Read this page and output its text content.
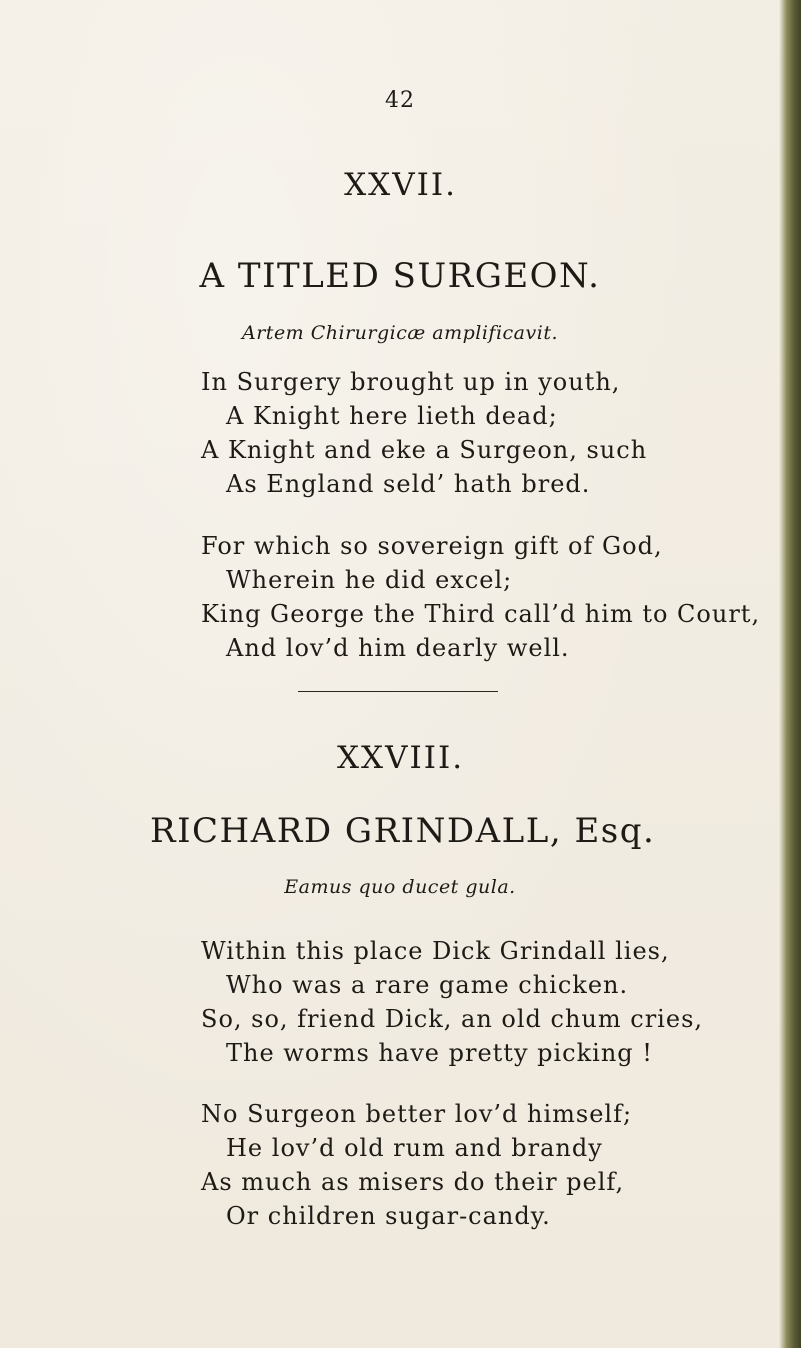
42
XXVII.
A TITLED SURGEON.
Artem Chirurgicæ amplificavit.
In Surgery brought up in youth,
A Knight here lieth dead;
A Knight and eke a Surgeon, such
As England seld’ hath bred.
For which so sovereign gift of God,
Wherein he did excel;
King George the Third call’d him to Court,
And lov’d him dearly well.
XXVIII.
RICHARD GRINDALL, Esq.
Eamus quo ducet gula.
Within this place Dick Grindall lies,
Who was a rare game chicken.
So, so, friend Dick, an old chum cries,
The worms have pretty picking !
No Surgeon better lov’d himself;
He lov’d old rum and brandy
As much as misers do their pelf,
Or children sugar-candy.
